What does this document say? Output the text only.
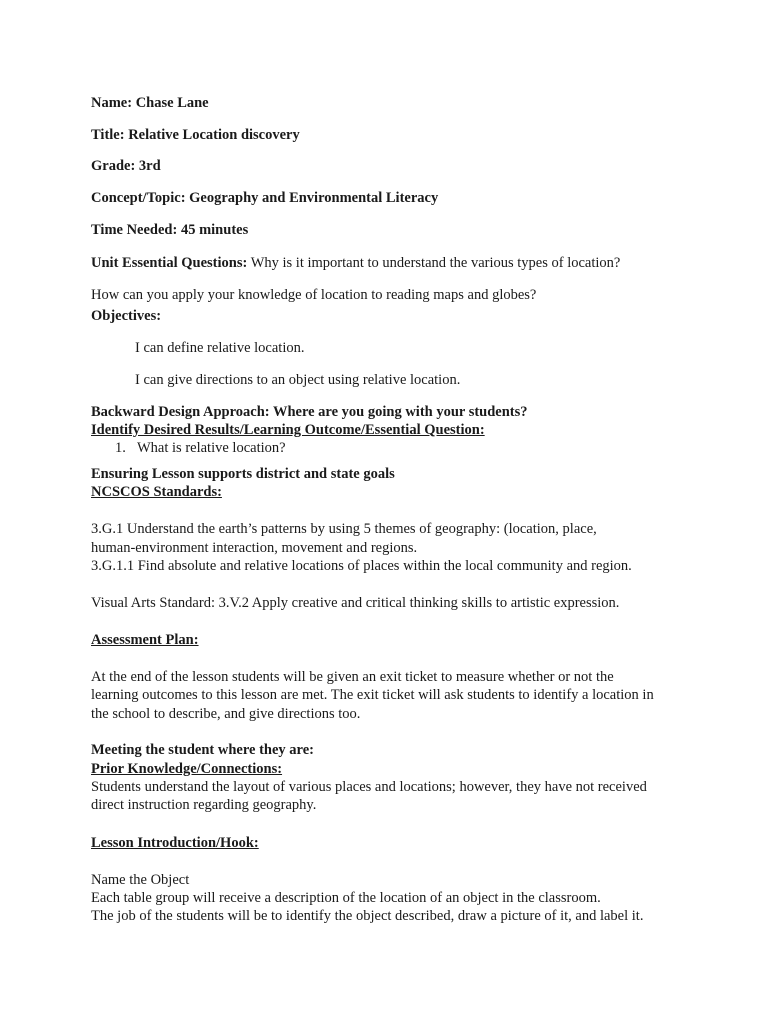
Name: Chase Lane

Title: Relative Location discovery

Grade: 3rd

Concept/Topic: Geography and Environmental Literacy

Time Needed: 45 minutes

Unit Essential Questions: Why is it important to understand the various types of location?

How can you apply your knowledge of location to reading maps and globes?

Objectives:

I can define relative location.

I can give directions to an object using relative location.

Backward Design Approach: Where are you going with your students?

Identify Desired Results/Learning Outcome/Essential Question:

1. What is relative location?

Ensuring Lesson supports district and state goals

NCSCOS Standards:

3.G.1 Understand the earth’s patterns by using 5 themes of geography: (location, place,

human-environment interaction, movement and regions.

3.G.1.1 Find absolute and relative locations of places within the local community and region.

Visual Arts Standard: 3.V.2 Apply creative and critical thinking skills to artistic expression.

Assessment Plan:

At the end of the lesson students will be given an exit ticket to measure whether or not the

learning outcomes to this lesson are met. The exit ticket will ask students to identify a location in

the school to describe, and give directions too.

Meeting the student where they are:

Prior Knowledge/Connections:

Students understand the layout of various places and locations; however, they have not received

direct instruction regarding geography.

Lesson Introduction/Hook:

Name the Object

Each table group will receive a description of the location of an object in the classroom.

The job of the students will be to identify the object described, draw a picture of it, and label it.
